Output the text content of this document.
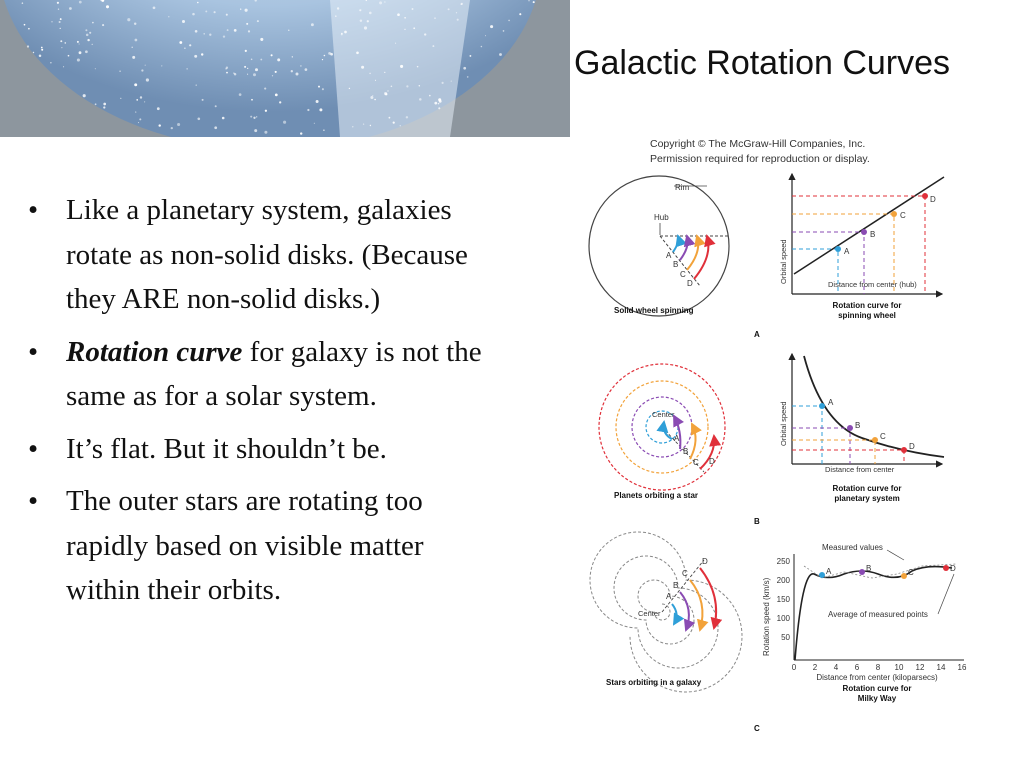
Galactic Rotation Curves
• Like a planetary system, galaxies rotate as non-solid disks. (Because they ARE non-solid disks.)
• Rotation curve for galaxy is not the same as for a solar system.
• It’s flat. But it shouldn’t be.
• The outer stars are rotating too rapidly based on visible matter within their orbits.
Copyright © The McGraw-Hill Companies, Inc.
Permission required for reproduction or display.
Rim
Hub
A
B
C
D
Solid wheel spinning
Orbital speed
Distance from center (hub)
A
B
C
D
Rotation curve for
spinning wheel
A
Center
A
B
C D
Planets orbiting a star
Orbital speed
Distance from center
A
B
C
D
Rotation curve for
planetary system
B
Center
A
B
C
D
Stars orbiting in a galaxy
Rotation speed (km/s)
Distance from center (kiloparsecs)
250
200
150
100
50
0 2 4 6 8 10 12 14 16
A	B	C	D
Measured values
Average of measured points
Rotation curve for
Milky Way
C
